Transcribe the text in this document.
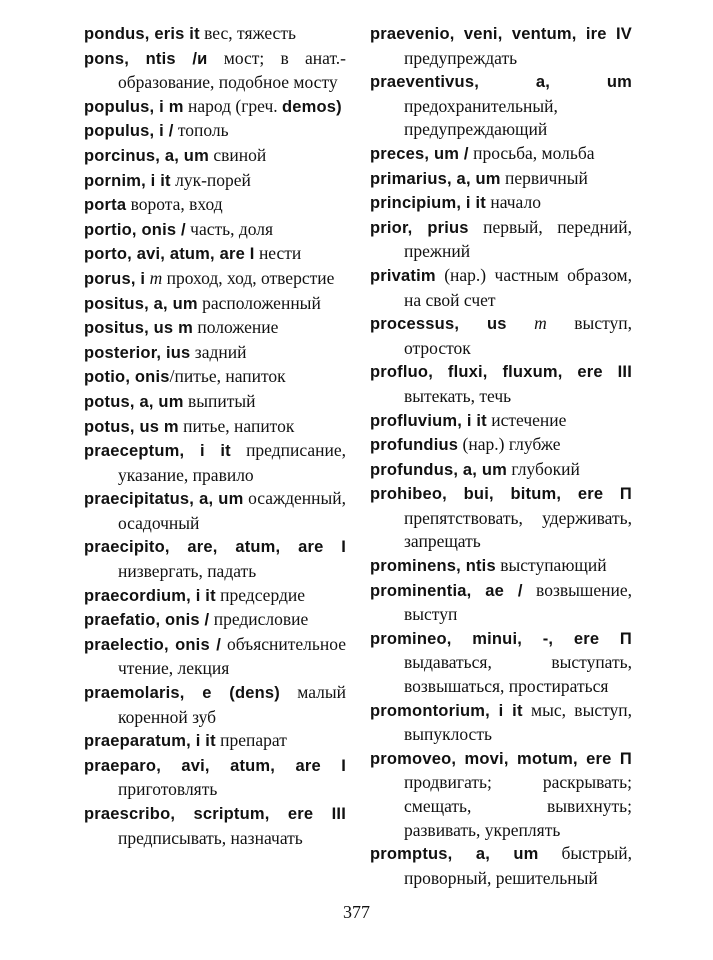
pondus, eris it вес, тяжесть

pons, ntis /и мост; в анат.-образование, подобное мосту

populus, i m народ (греч. demos)

populus, i / тополь

porcinus, a, um свиной

pornim, i it лук-порей

porta ворота, вход

portio, onis / часть, доля

porto, avi, atum, are I нести

porus, i m проход, ход, отверстие

positus, a, um расположенный

positus, us m положение

posterior, ius задний

potio, onis/питье, напиток

potus, a, um выпитый

potus, us m питье, напиток

praeceptum, i it предписание, указание, правило

praecipitatus, a, um осажденный, осадочный

praecipito, are, atum, are I низвергать, падать

praecordium, i it предсердие

praefatio, onis / предисловие

praelectio, onis / объяснительное чтение, лекция

praemolaris, e (dens) малый коренной зуб

praeparatum, i it препарат

praeparo, avi, atum, are I приготовлять

praescribo, scriptum, ere III предписывать, назначать

praevenio, veni, ventum, ire IV предупреждать

praeventivus, a, um предохранительный, предупреждающий

preces, um / просьба, мольба

primarius, a, um первичный

principium, i it начало

prior, prius первый, передний, прежний

privatim (нар.) частным образом, на свой счет

processus, us m выступ, отросток

profluo, fluxi, fluxum, ere III вытекать, течь

profluvium, i it истечение

profundius (нар.) глубже

profundus, a, um глубокий

prohibeo, bui, bitum, ere П препятствовать, удерживать, запрещать

prominens, ntis выступающий

prominentia, ae / возвышение, выступ

promineo, minui, -, ere П выдаваться, выступать, возвышаться, простираться

promontorium, i it мыс, выступ, выпуклость

promoveo, movi, motum, ere П продвигать; раскрывать; смещать, вывихнуть; развивать, укреплять

promptus, a, um быстрый, проворный, решительный

377
